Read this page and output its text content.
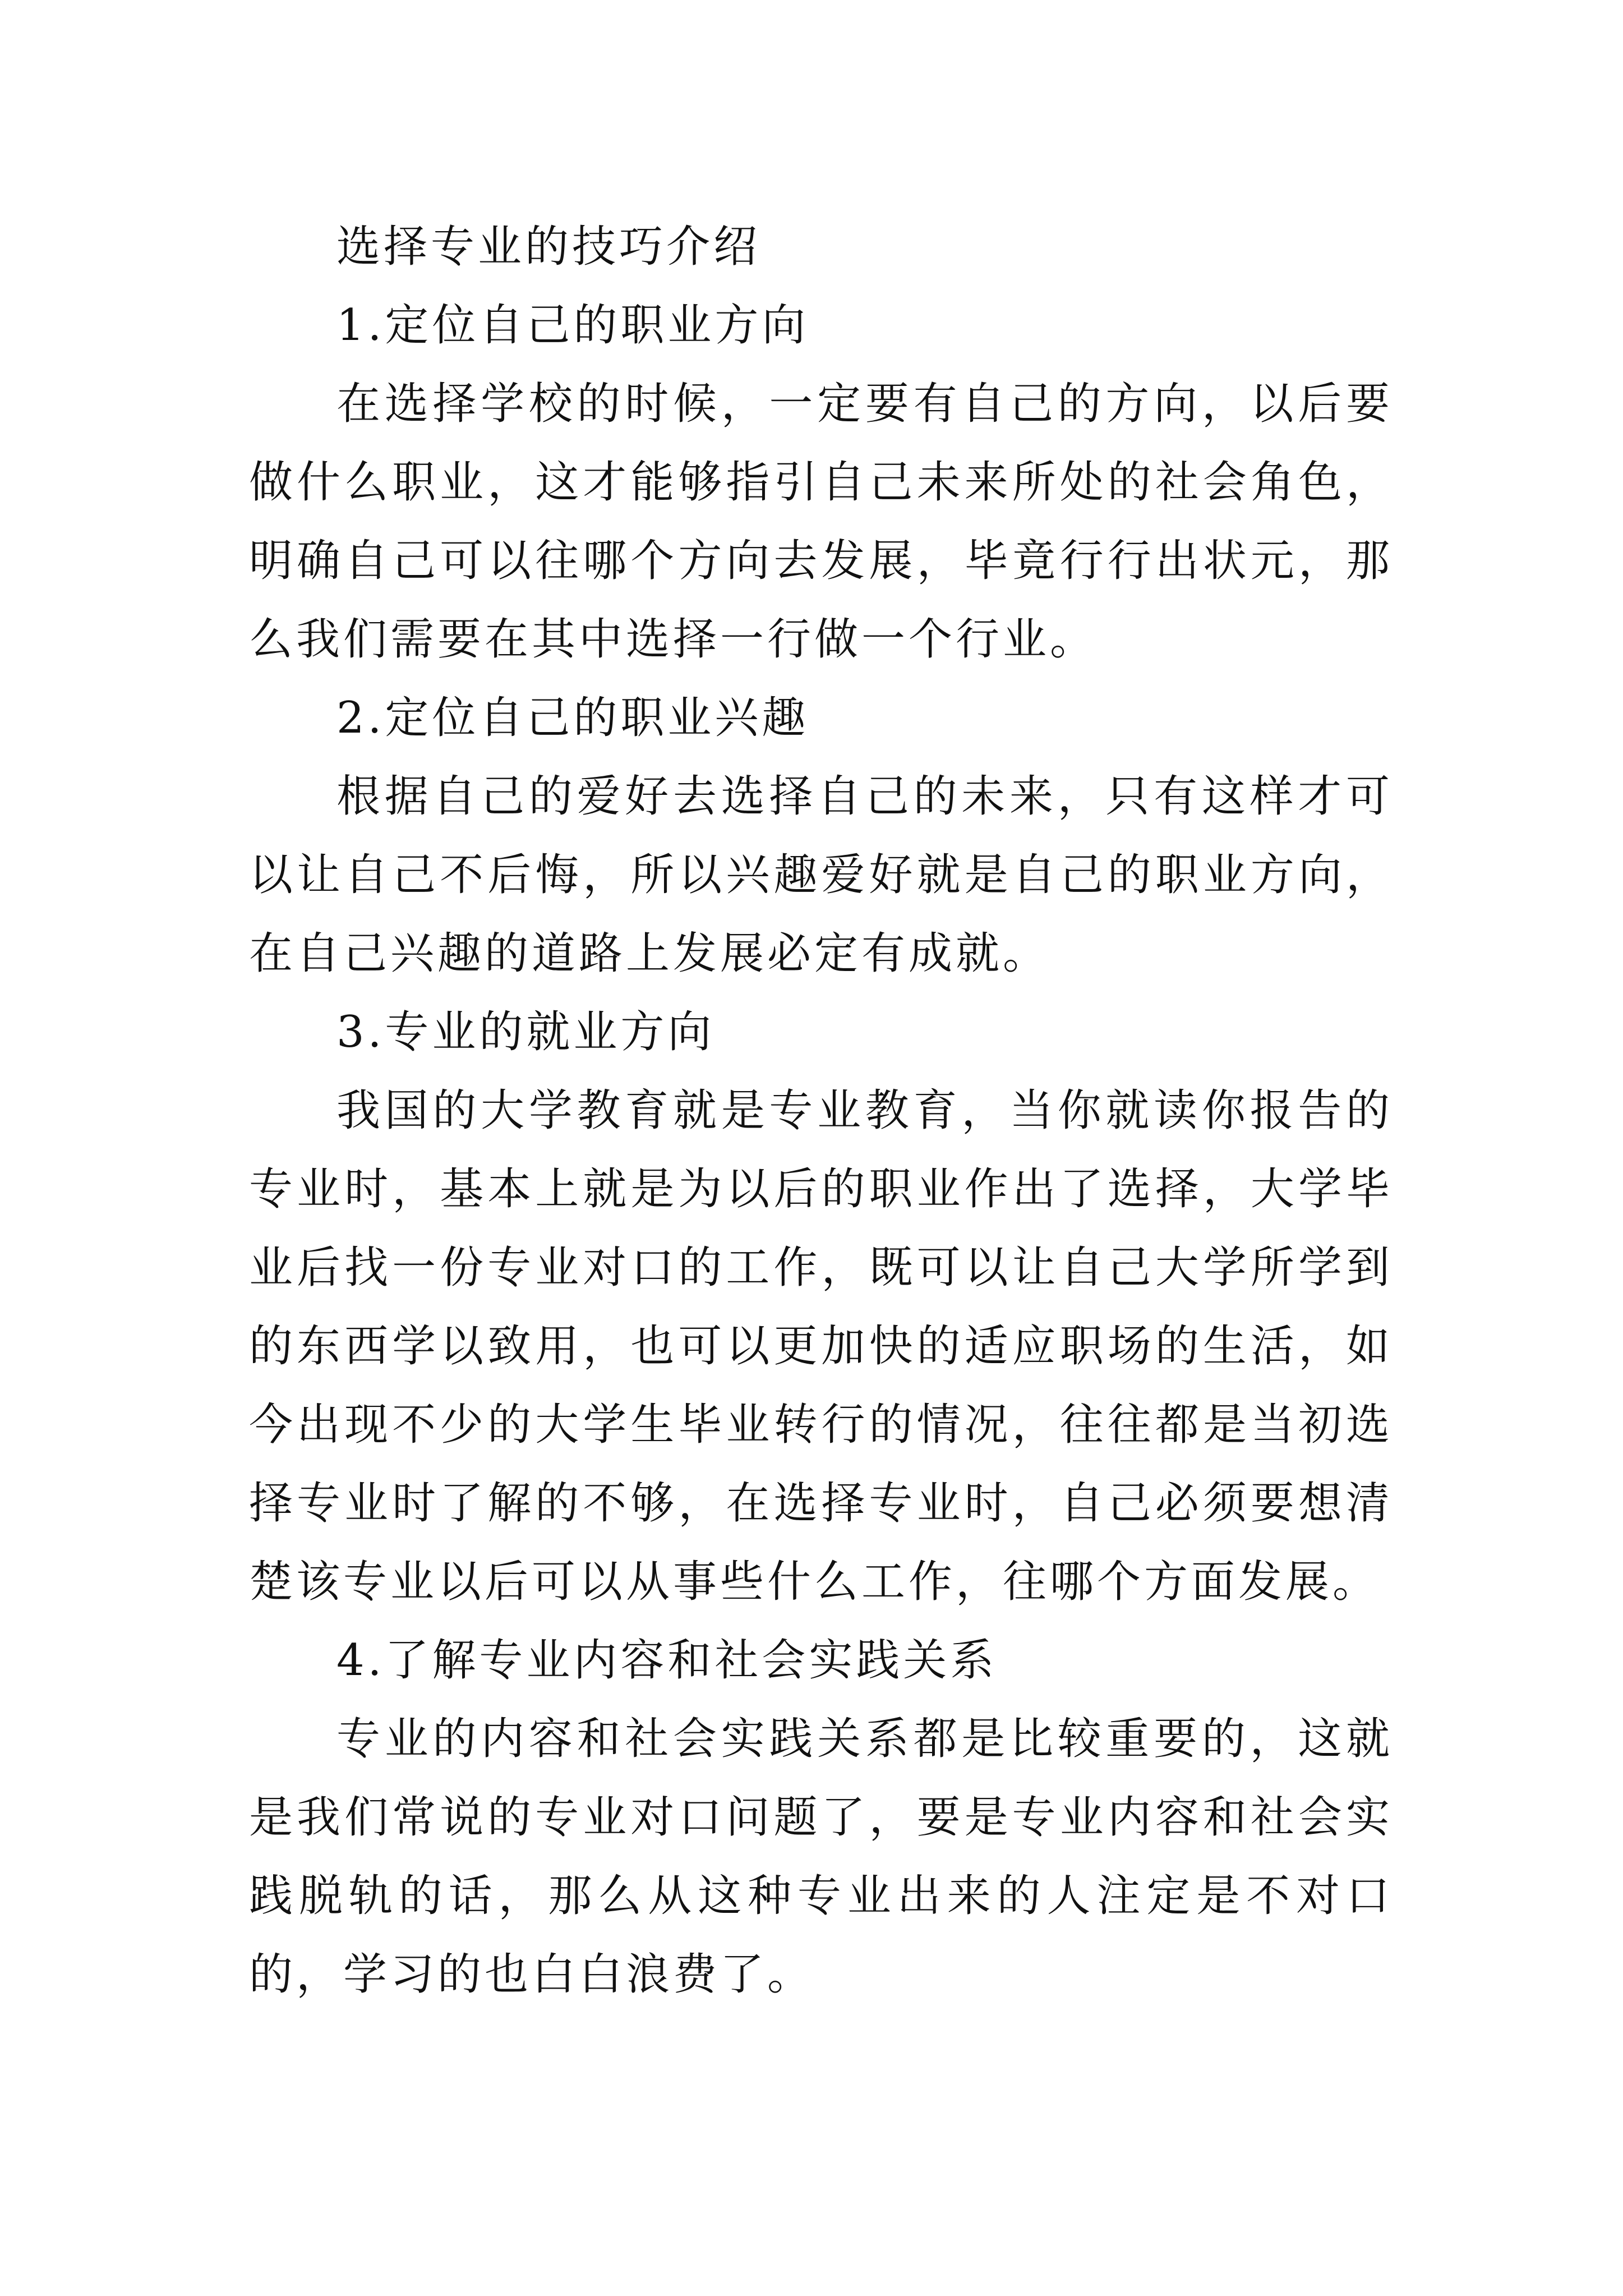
选择专业的技巧介绍

1.定位自己的职业方向

在选择学校的时候，一定要有自己的方向，以后要做什么职业，这才能够指引自己未来所处的社会角色，明确自己可以往哪个方向去发展，毕竟行行出状元，那么我们需要在其中选择一行做一个行业。

2.定位自己的职业兴趣

根据自己的爱好去选择自己的未来，只有这样才可以让自己不后悔，所以兴趣爱好就是自己的职业方向，在自己兴趣的道路上发展必定有成就。

3.专业的就业方向

我国的大学教育就是专业教育，当你就读你报告的专业时，基本上就是为以后的职业作出了选择，大学毕业后找一份专业对口的工作，既可以让自己大学所学到的东西学以致用，也可以更加快的适应职场的生活，如今出现不少的大学生毕业转行的情况，往往都是当初选择专业时了解的不够，在选择专业时，自己必须要想清楚该专业以后可以从事些什么工作，往哪个方面发展。

4.了解专业内容和社会实践关系

专业的内容和社会实践关系都是比较重要的，这就是我们常说的专业对口问题了，要是专业内容和社会实践脱轨的话，那么从这种专业出来的人注定是不对口的，学习的也白白浪费了。
